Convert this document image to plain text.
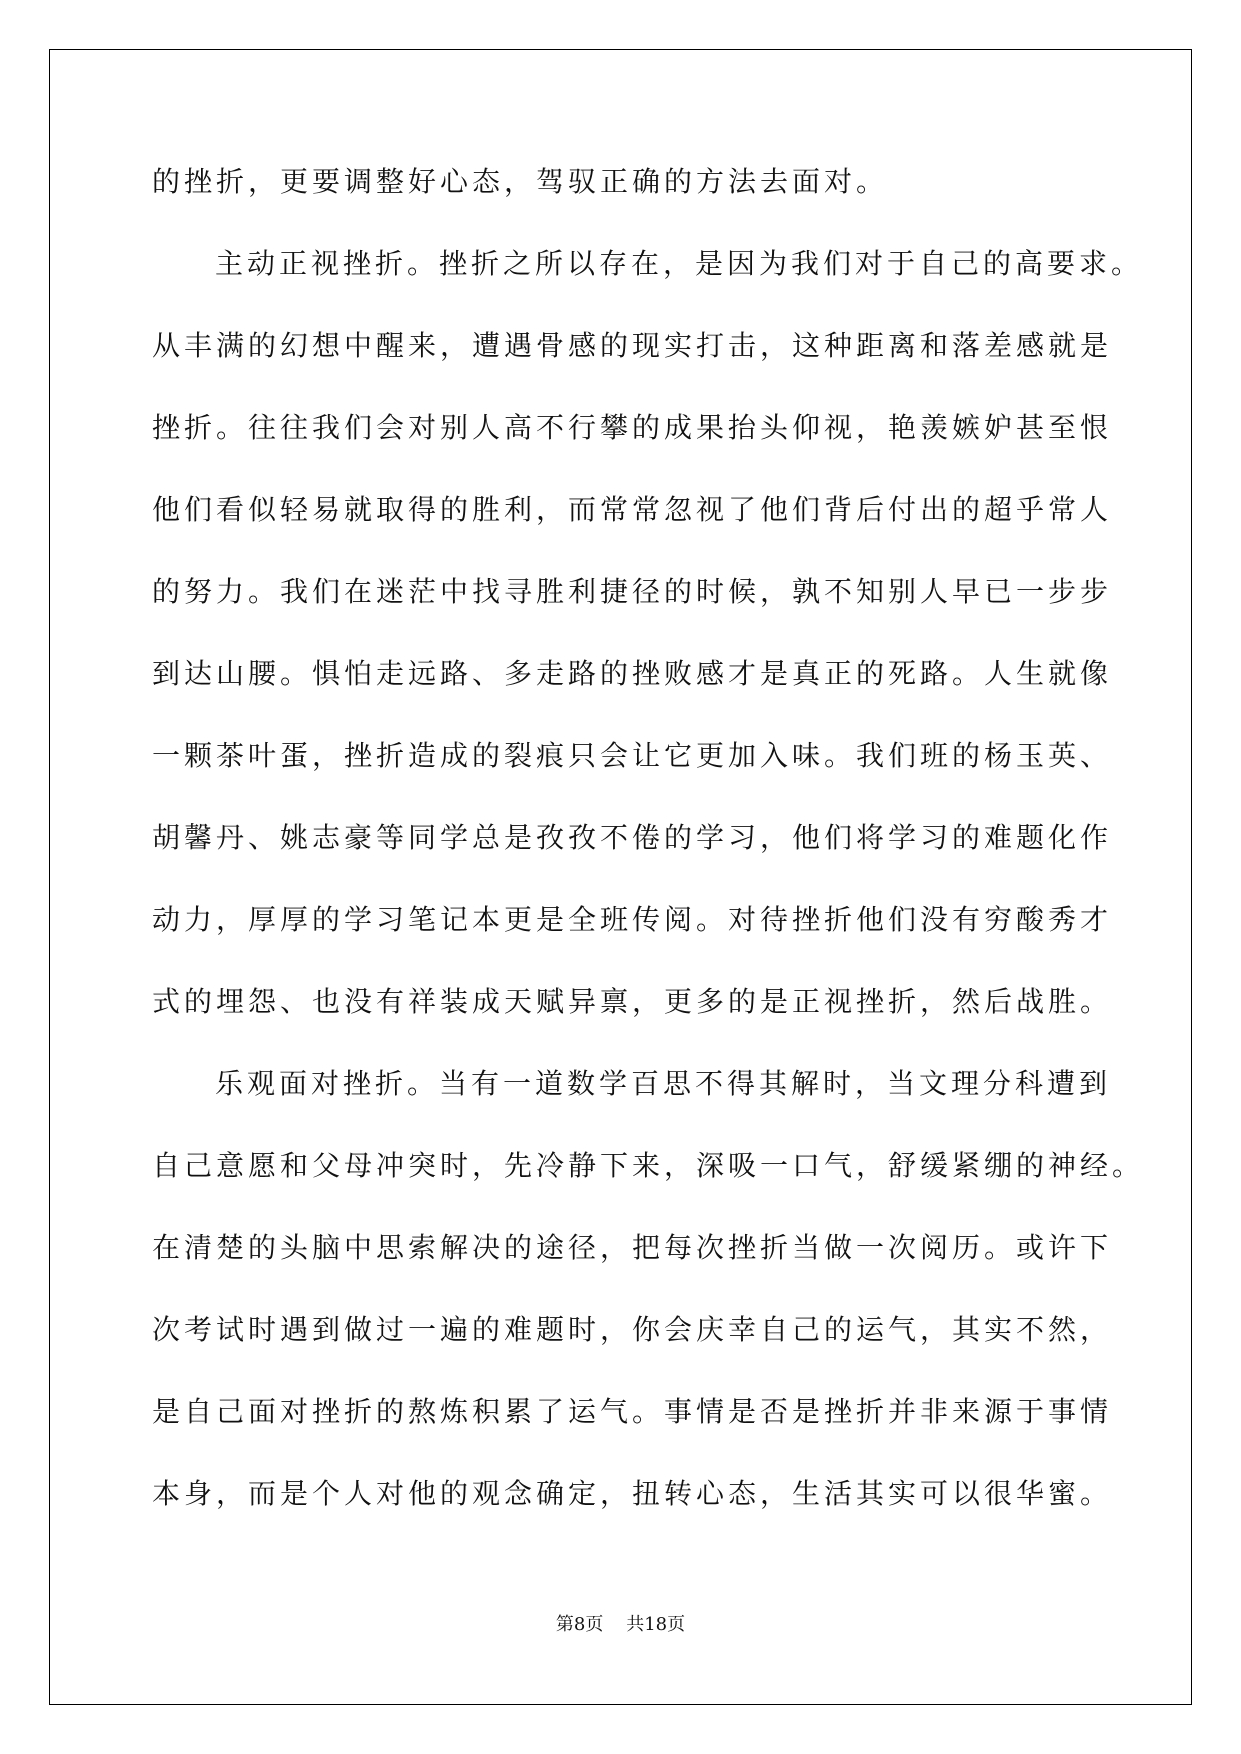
的挫折，更要调整好心态，驾驭正确的方法去面对。
主动正视挫折。挫折之所以存在，是因为我们对于自己的高要求。
从丰满的幻想中醒来，遭遇骨感的现实打击，这种距离和落差感就是
挫折。往往我们会对别人高不行攀的成果抬头仰视，艳羡嫉妒甚至恨
他们看似轻易就取得的胜利，而常常忽视了他们背后付出的超乎常人
的努力。我们在迷茫中找寻胜利捷径的时候，孰不知别人早已一步步
到达山腰。惧怕走远路、多走路的挫败感才是真正的死路。人生就像
一颗茶叶蛋，挫折造成的裂痕只会让它更加入味。我们班的杨玉英、
胡馨丹、姚志豪等同学总是孜孜不倦的学习，他们将学习的难题化作
动力，厚厚的学习笔记本更是全班传阅。对待挫折他们没有穷酸秀才
式的埋怨、也没有祥装成天赋异禀，更多的是正视挫折，然后战胜。
乐观面对挫折。当有一道数学百思不得其解时，当文理分科遭到
自己意愿和父母冲突时，先冷静下来，深吸一口气，舒缓紧绷的神经。
在清楚的头脑中思索解决的途径，把每次挫折当做一次阅历。或许下
次考试时遇到做过一遍的难题时，你会庆幸自己的运气，其实不然，
是自己面对挫折的熬炼积累了运气。事情是否是挫折并非来源于事情
本身，而是个人对他的观念确定，扭转心态，生活其实可以很华蜜。
第8页    共18页
